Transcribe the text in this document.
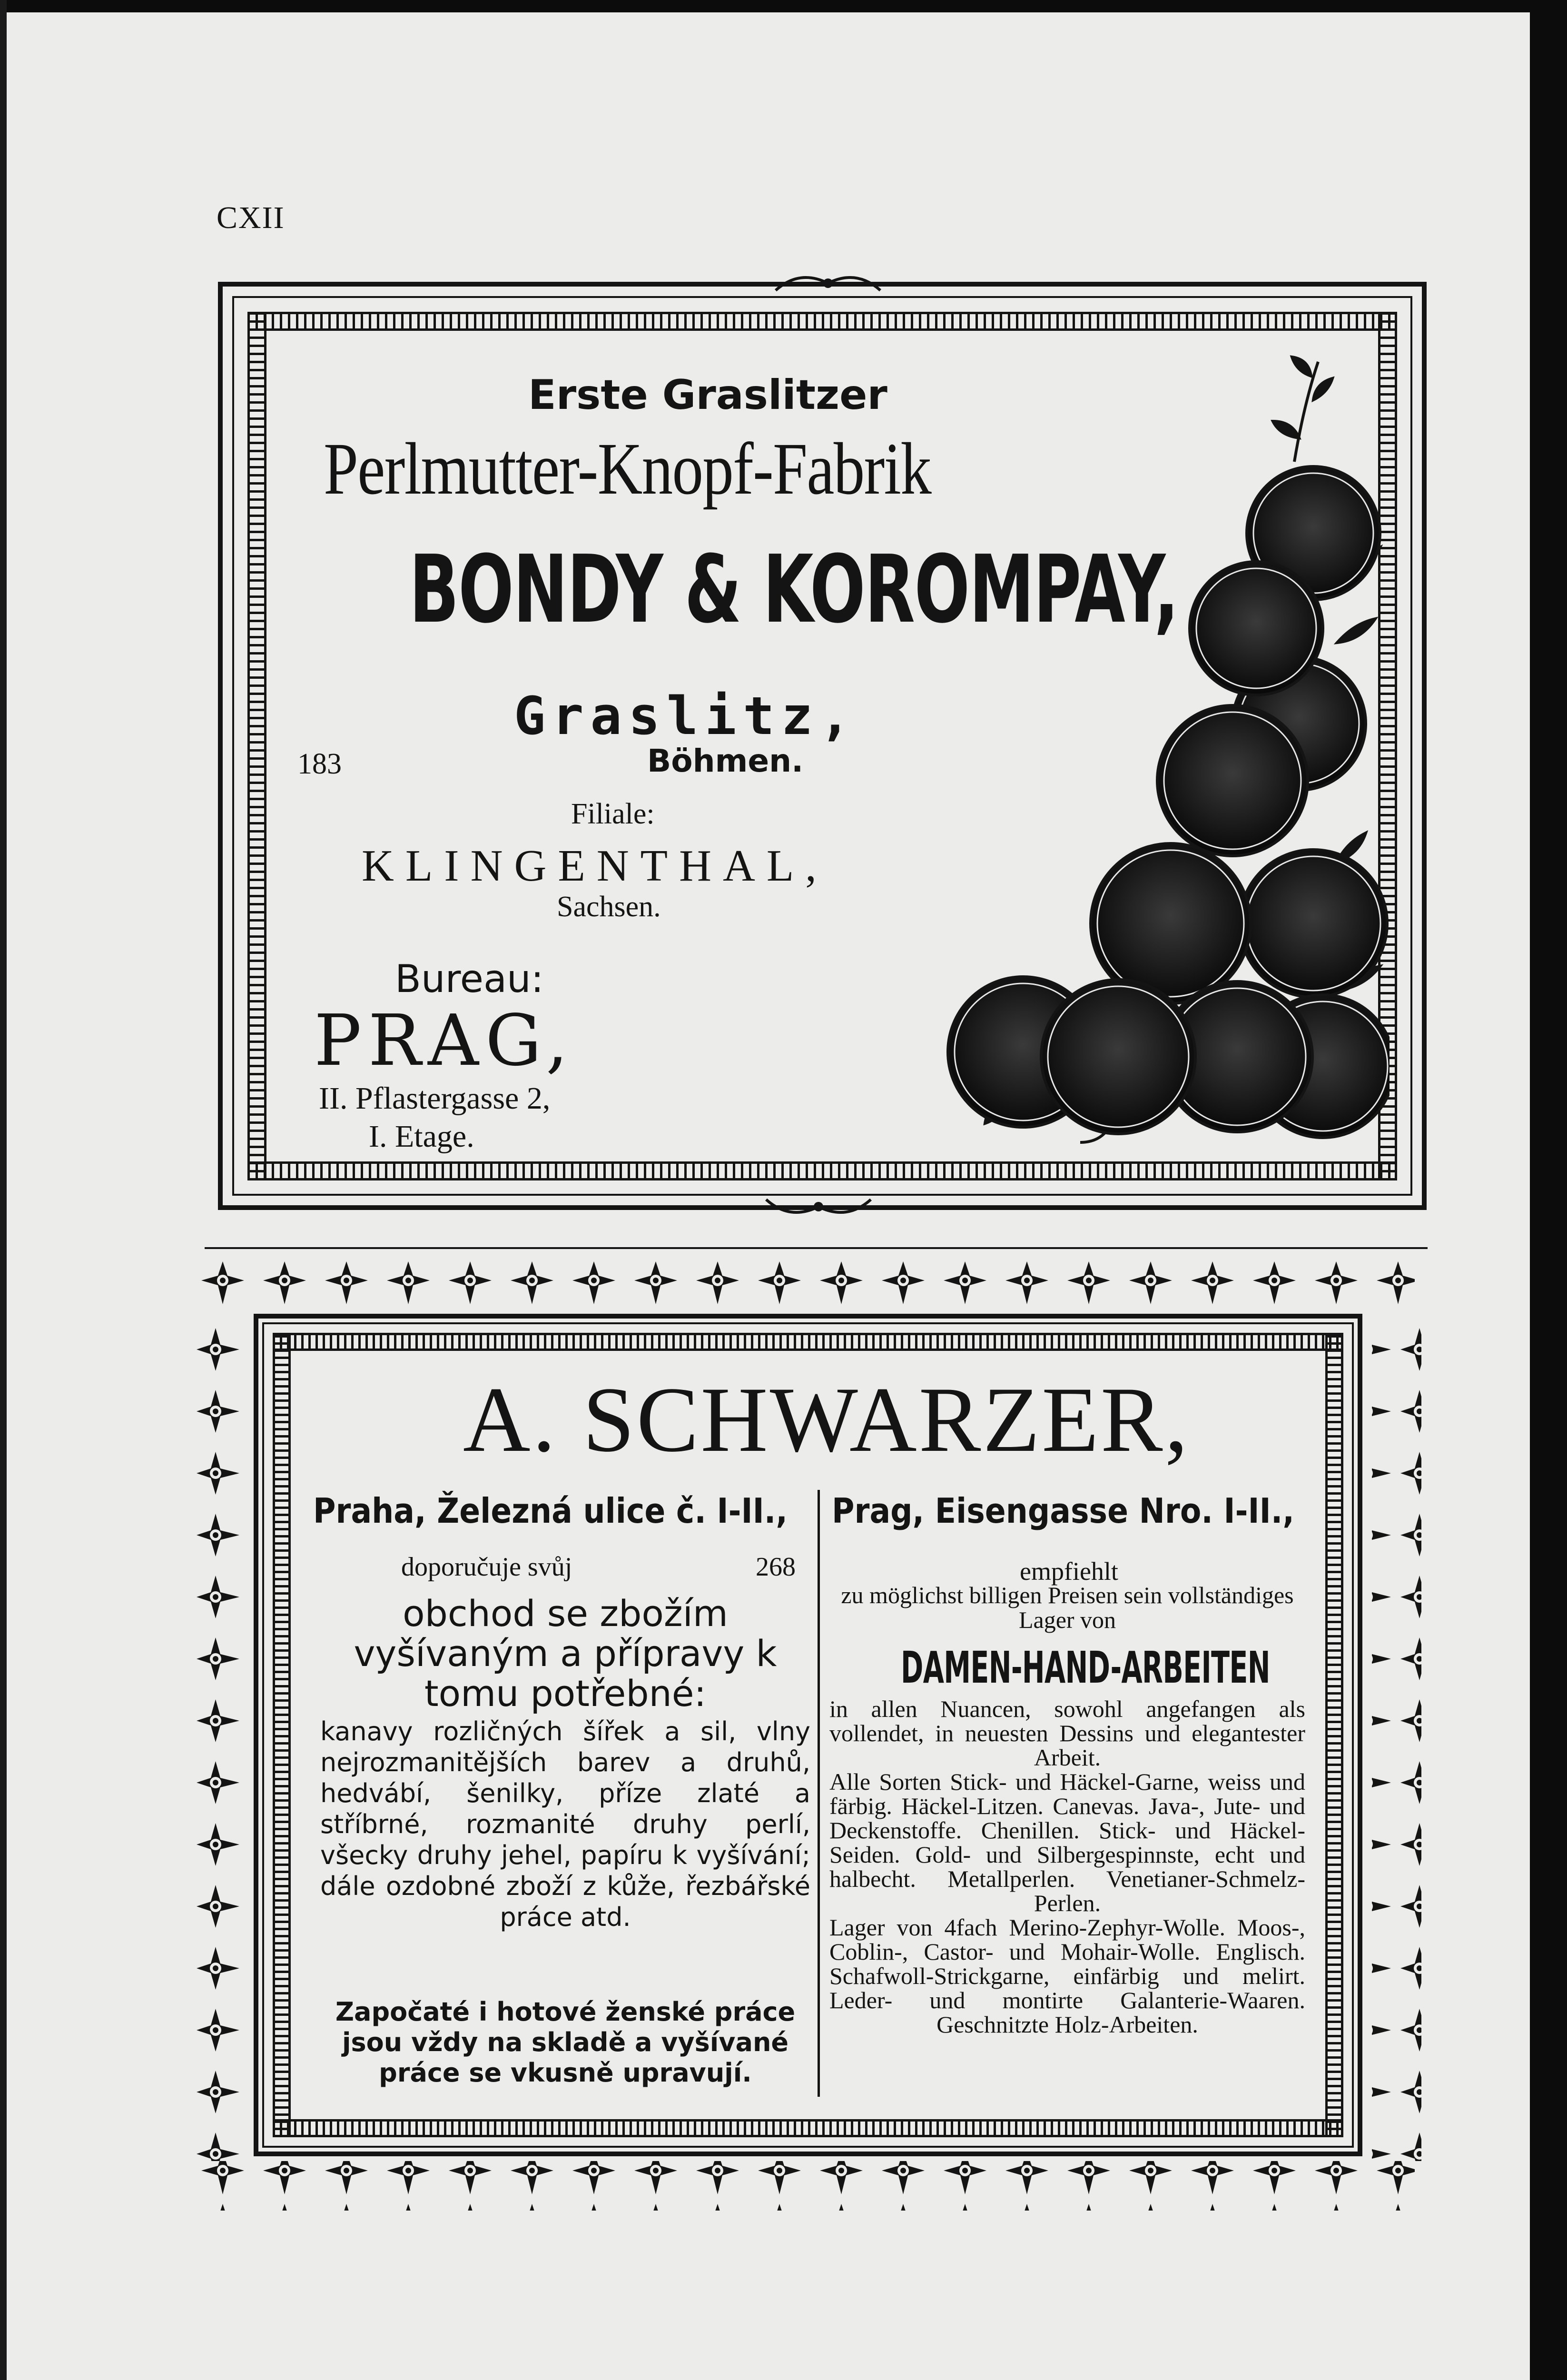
CXII
Erste Graslitzer
Perlmutter-Knopf-Fabrik
BONDY & KOROMPAY,
Graslitz,
183	Böhmen.
Filiale:
KLINGENTHAL,
Sachsen.
Bureau:
PRAG,
II. Pflastergasse 2,
I. Etage.
A. SCHWARZER,
Praha, Železná ulice č. I-II.,
doporučuje svůj	268
obchod se zbožím vyšívaným a přípravy k tomu potřebné:
kanavy rozličných šířek a sil, vlny nejrozmanitějších barev a druhů, hedvábí, šenilky, příze zlaté a stříbrné, rozmanité druhy perlí, všecky druhy jehel, papíru k vyšívání; dále ozdobné zboží z kůže, řezbářské práce atd.
Započaté i hotové ženské práce jsou vždy na skladě a vyšívané práce se vkusně upravují.
Prag, Eisengasse Nro. I-II.,
empfiehlt
zu möglichst billigen Preisen sein vollständiges Lager von
DAMEN-HAND-ARBEITEN

in allen Nuancen, sowohl angefangen als vollendet, in neuesten Dessins und elegantester Arbeit.

Alle Sorten Stick- und Häckel-Garne, weiss und färbig. Häckel-Litzen. Canevas. Java-, Jute- und Deckenstoffe. Chenillen. Stick- und Häckel-Seiden. Gold- und Silbergespinnste, echt und halbecht. Metallperlen. Venetianer-Schmelz-Perlen.

Lager von 4fach Merino-Zephyr-Wolle. Moos-, Coblin-, Castor- und Mohair-Wolle. Englisch. Schafwoll-Strickgarne, einfärbig und melirt. Leder- und montirte Galanterie-Waaren. Geschnitzte Holz-Arbeiten.
